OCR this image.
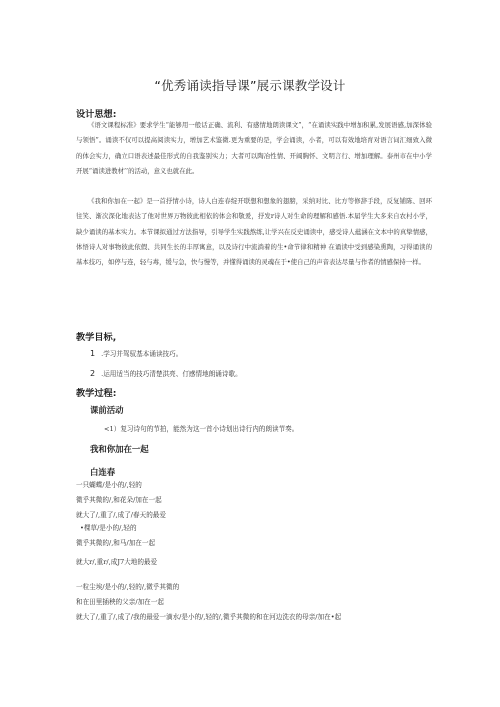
“优秀诵读指导课”展示课教学设计
设计思想:
《语文课程标准》要求学生“能够用一般话正确、流利、有感情地朗读课文”，“在诵读实践中增加积累,发展语感,加深体验与领悟”。诵读不仅可以提高阅读实力，增加艺术鉴微.更为重要的是，学会诵读，小者，可以有效地培育对语言词汇细致入微的体会实力，确立口语表述最佳形式的自我鉴别实力；大者可以陶冶性情、开阔胸怀、文明言行、增加理解。泰州市在中小学开展“诵读进教材’’的活动，意义也就在此。
《我和你加在一起》是一首抒情小诗，诗人白连春绽开联想和想象的翅膀，采纳对比、比方等修辞手段，反复铺陈、回环往笑、渐次深化地表达了他对世界万物彼此相依的体会和敬爰，抒发r诗人对生命的理解和感悟.本届学生大多来自农村小学，缺少诵读的基本实力。本节课拟通过方法指导，引导学生实践熬练,让学兴在反史诵读中，感受诗人蕴涵在文本中的真挚情感，体悟诗人对事物彼此依假、共同生长的丰厚寓意，以及诗行中流淌着的生•命节律和精神 在诵读中受到感染熏陶，习得诵读的基本技巧，如停与连，轻与毒，缓与急，快与慢等，并懂得诵读的灵魂在于•使自己的声音表达尽量与作者的情感保持一样。
教学目标,
1 .学习并驾驭基本诵读技巧。
2 .运用适当的技巧清楚洪亮、仃感情地朗诵诗歌。
教学过程:
课前活动
<1）复习诗句的节拍，能然为这一首小诗划出诗行内的朗读节奏。
我和你加在一起
白连春
一只蝴蝶/是小的/,轻的
微乎其微的/,和花朵/加在一起
就大了/,重了/,成了/春天的最爱
•棵草/是小的/,轻的
微乎其微的/,和马/加在一起
就大r/,重r/,成J7大地的最爱
一粒尘埃/是小的/,轻的/,微乎其微的
和在田里插秧的父亲/加在一起
就大了/,重了/,成了/我的最爱一滴水/是小的/,轻的/,微乎其微的和在河边洗衣的母亲/加在•起
